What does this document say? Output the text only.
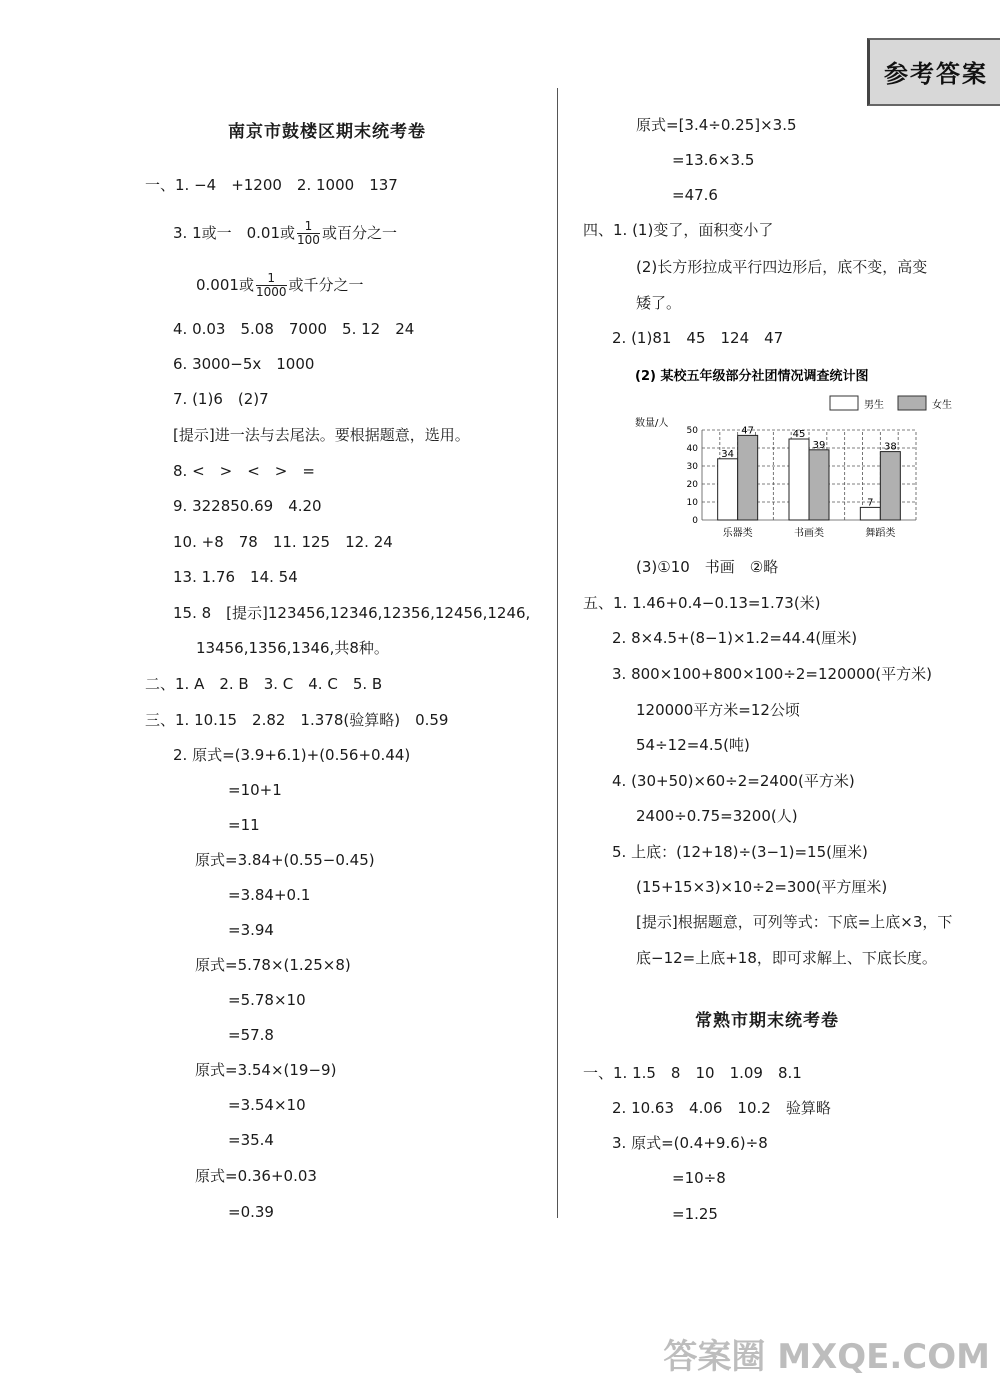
参考答案
南京市鼓楼区期末统考卷
一、1. −4　+1200　2. 1000　137
3. 1或一　0.01或 $\frac{1}{100}$ 或百分之一
0.001或 $\frac{1}{1000}$ 或千分之一
4. 0.03　5.08　7000　5. 12　24
6. 3000−5x　1000
7. (1)6　(2)7
[提示]进一法与去尾法。要根据题意，选用。
8. <　>　<　>　=
9. 322850.69　4.20
10. +8　78　11. 125　12. 24
13. 1.76　14. 54
15. 8　[提示]123456,12346,12356,12456,1246,
13456,1356,1346,共8种。
二、1. A　2. B　3. C　4. C　5. B
三、1. 10.15　2.82　1.378(验算略)　0.59
2. 原式=(3.9+6.1)+(0.56+0.44)
=10+1
=11
原式=3.84+(0.55−0.45)
=3.84+0.1
=3.94
原式=5.78×(1.25×8)
=5.78×10
=57.8
原式=3.54×(19−9)
=3.54×10
=35.4
原式=0.36+0.03
=0.39
原式=[3.4÷0.25]×3.5
=13.6×3.5
=47.6
四、1. (1)变了，面积变小了
(2)长方形拉成平行四边形后，底不变，高变
矮了。
2. (1)81　45　124　47
(2) 某校五年级部分社团情况调查统计图
男生	女生
数量/人
0
10
20
30
40
50
34
47
乐器类
45
39
书画类
7
38
舞蹈类
(3)①10　书画　②略
五、1. 1.46+0.4−0.13=1.73(米)
2. 8×4.5+(8−1)×1.2=44.4(厘米)
3. 800×100+800×100÷2=120000(平方米)
120000平方米=12公顷
54÷12=4.5(吨)
4. (30+50)×60÷2=2400(平方米)
2400÷0.75=3200(人)
5. 上底：(12+18)÷(3−1)=15(厘米)
(15+15×3)×10÷2=300(平方厘米)
[提示]根据题意，可列等式：下底=上底×3，下
底−12=上底+18，即可求解上、下底长度。
常熟市期末统考卷
一、1. 1.5　8　10　1.09　8.1
2. 10.63　4.06　10.2　验算略
3. 原式=(0.4+9.6)÷8
=10÷8
=1.25
答案圈 MXQE.COM
